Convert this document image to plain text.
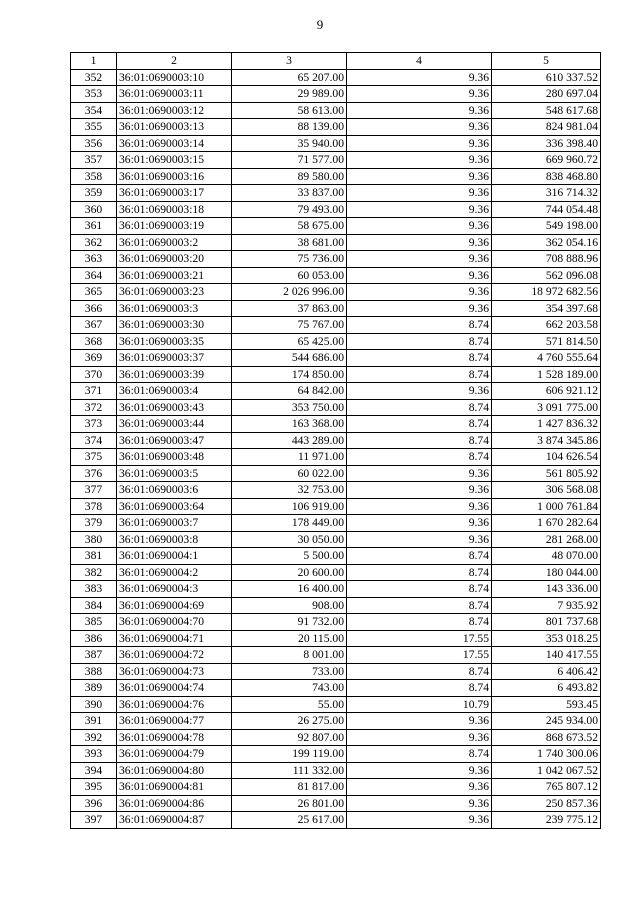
9
1	2	3	4	5
352	36:01:0690003:10	65 207.00	9.36	610 337.52
353	36:01:0690003:11	29 989.00	9.36	280 697.04
354	36:01:0690003:12	58 613.00	9.36	548 617.68
355	36:01:0690003:13	88 139.00	9.36	824 981.04
356	36:01:0690003:14	35 940.00	9.36	336 398.40
357	36:01:0690003:15	71 577.00	9.36	669 960.72
358	36:01:0690003:16	89 580.00	9.36	838 468.80
359	36:01:0690003:17	33 837.00	9.36	316 714.32
360	36:01:0690003:18	79 493.00	9.36	744 054.48
361	36:01:0690003:19	58 675.00	9.36	549 198.00
362	36:01:0690003:2	38 681.00	9.36	362 054.16
363	36:01:0690003:20	75 736.00	9.36	708 888.96
364	36:01:0690003:21	60 053.00	9.36	562 096.08
365	36:01:0690003:23	2 026 996.00	9.36	18 972 682.56
366	36:01:0690003:3	37 863.00	9.36	354 397.68
367	36:01:0690003:30	75 767.00	8.74	662 203.58
368	36:01:0690003:35	65 425.00	8.74	571 814.50
369	36:01:0690003:37	544 686.00	8.74	4 760 555.64
370	36:01:0690003:39	174 850.00	8.74	1 528 189.00
371	36:01:0690003:4	64 842.00	9.36	606 921.12
372	36:01:0690003:43	353 750.00	8.74	3 091 775.00
373	36:01:0690003:44	163 368.00	8.74	1 427 836.32
374	36:01:0690003:47	443 289.00	8.74	3 874 345.86
375	36:01:0690003:48	11 971.00	8.74	104 626.54
376	36:01:0690003:5	60 022.00	9.36	561 805.92
377	36:01:0690003:6	32 753.00	9.36	306 568.08
378	36:01:0690003:64	106 919.00	9.36	1 000 761.84
379	36:01:0690003:7	178 449.00	9.36	1 670 282.64
380	36:01:0690003:8	30 050.00	9.36	281 268.00
381	36:01:0690004:1	5 500.00	8.74	48 070.00
382	36:01:0690004:2	20 600.00	8.74	180 044.00
383	36:01:0690004:3	16 400.00	8.74	143 336.00
384	36:01:0690004:69	908.00	8.74	7 935.92
385	36:01:0690004:70	91 732.00	8.74	801 737.68
386	36:01:0690004:71	20 115.00	17.55	353 018.25
387	36:01:0690004:72	8 001.00	17.55	140 417.55
388	36:01:0690004:73	733.00	8.74	6 406.42
389	36:01:0690004:74	743.00	8.74	6 493.82
390	36:01:0690004:76	55.00	10.79	593.45
391	36:01:0690004:77	26 275.00	9.36	245 934.00
392	36:01:0690004:78	92 807.00	9.36	868 673.52
393	36:01:0690004:79	199 119.00	8.74	1 740 300.06
394	36:01:0690004:80	111 332.00	9.36	1 042 067.52
395	36:01:0690004:81	81 817.00	9.36	765 807.12
396	36:01:0690004:86	26 801.00	9.36	250 857.36
397	36:01:0690004:87	25 617.00	9.36	239 775.12
